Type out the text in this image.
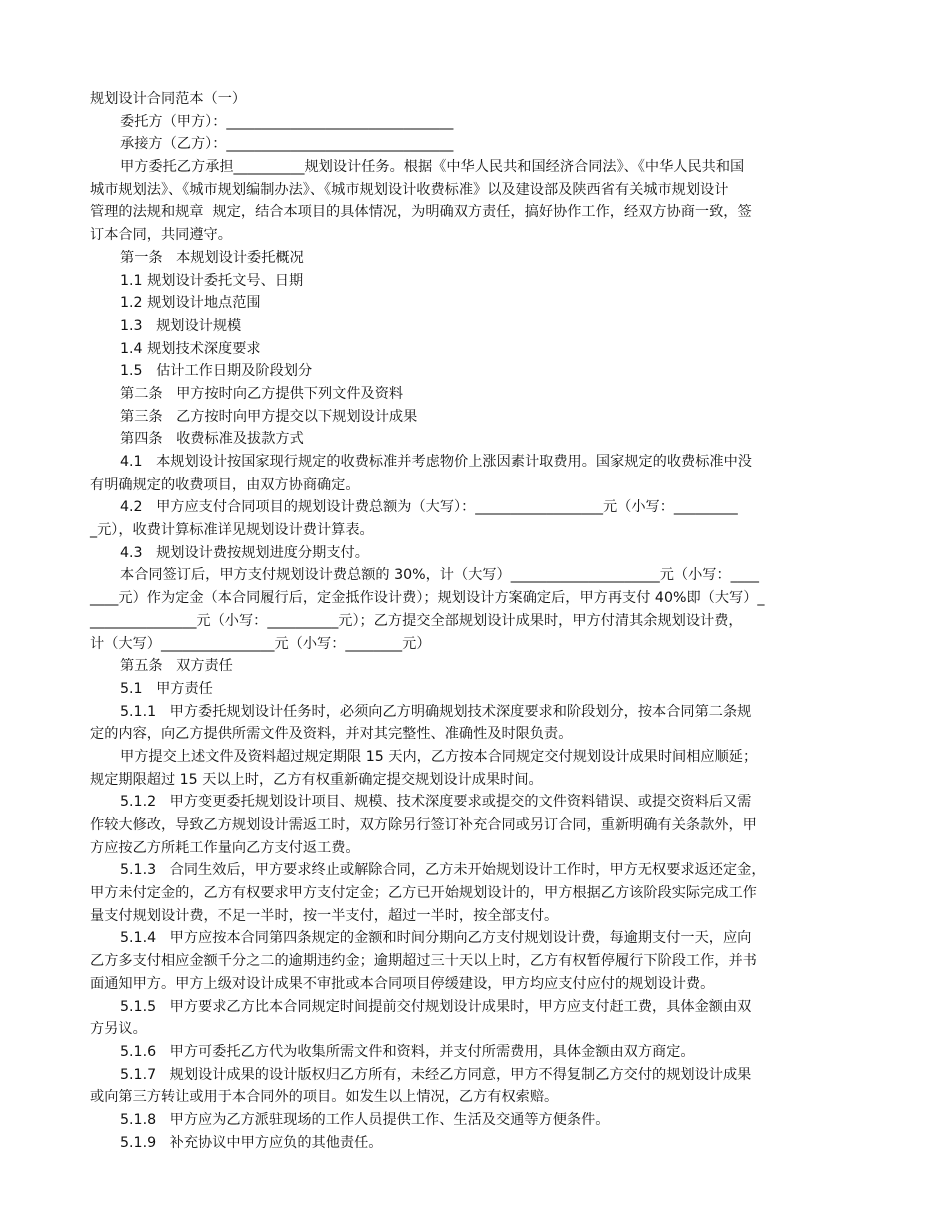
规划设计合同范本（一）
委托方（甲方）：________________________________
承接方（乙方）：________________________________
甲方委托乙方承担__________规划设计任务。根据《中华人民共和国经济合同法》、《中华人民共和国
城市规划法》、《城市规划编制办法》、《城市规划设计收费标准》以及建设部及陕西省有关城市规划设计
管理的法规和规章  规定，结合本项目的具体情况，为明确双方责任，搞好协作工作，经双方协商一致，签
订本合同，共同遵守。
第一条   本规划设计委托概况
1.1 规划设计委托文号、日期
1.2 规划设计地点范围
1.3   规划设计规模
1.4 规划技术深度要求
1.5   估计工作日期及阶段划分
第二条   甲方按时向乙方提供下列文件及资料
第三条   乙方按时向甲方提交以下规划设计成果
第四条   收费标准及拔款方式
4.1   本规划设计按国家现行规定的收费标准并考虑物价上涨因素计取费用。国家规定的收费标准中没
有明确规定的收费项目，由双方协商确定。
4.2   甲方应支付合同项目的规划设计费总额为（大写）：__________________元（小写：_________
_元），收费计算标准详见规划设计费计算表。
4.3   规划设计费按规划进度分期支付。
本合同签订后，甲方支付规划设计费总额的 30%，计（大写）_____________________元（小写：____
____元）作为定金（本合同履行后，定金抵作设计费）；规划设计方案确定后，甲方再支付 40%即（大写）_
_______________元（小写：__________元）；乙方提交全部规划设计成果时，甲方付清其余规划设计费，
计（大写）________________元（小写：________元）
第五条   双方责任
5.1   甲方责任
5.1.1   甲方委托规划设计任务时，必须向乙方明确规划技术深度要求和阶段划分，按本合同第二条规
定的内容，向乙方提供所需文件及资料，并对其完整性、准确性及时限负责。
甲方提交上述文件及资料超过规定期限 15 天内，乙方按本合同规定交付规划设计成果时间相应顺延；
规定期限超过 15 天以上时，乙方有权重新确定提交规划设计成果时间。
5.1.2   甲方变更委托规划设计项目、规模、技术深度要求或提交的文件资料错误、或提交资料后又需
作较大修改，导致乙方规划设计需返工时，双方除另行签订补充合同或另订合同，重新明确有关条款外，甲
方应按乙方所耗工作量向乙方支付返工费。
5.1.3   合同生效后，甲方要求终止或解除合同，乙方未开始规划设计工作时，甲方无权要求返还定金，
甲方未付定金的，乙方有权要求甲方支付定金；乙方已开始规划设计的，甲方根据乙方该阶段实际完成工作
量支付规划设计费，不足一半时，按一半支付，超过一半时，按全部支付。
5.1.4   甲方应按本合同第四条规定的金额和时间分期向乙方支付规划设计费，每逾期支付一天，应向
乙方多支付相应金额千分之二的逾期违约金；逾期超过三十天以上时，乙方有权暂停履行下阶段工作，并书
面通知甲方。甲方上级对设计成果不审批或本合同项目停缓建设，甲方均应支付应付的规划设计费。
5.1.5   甲方要求乙方比本合同规定时间提前交付规划设计成果时，甲方应支付赶工费，具体金额由双
方另议。
5.1.6   甲方可委托乙方代为收集所需文件和资料，并支付所需费用，具体金额由双方商定。
5.1.7   规划设计成果的设计版权归乙方所有，未经乙方同意，甲方不得复制乙方交付的规划设计成果
或向第三方转让或用于本合同外的项目。如发生以上情况，乙方有权索赔。
5.1.8   甲方应为乙方派驻现场的工作人员提供工作、生活及交通等方便条件。
5.1.9   补充协议中甲方应负的其他责任。
